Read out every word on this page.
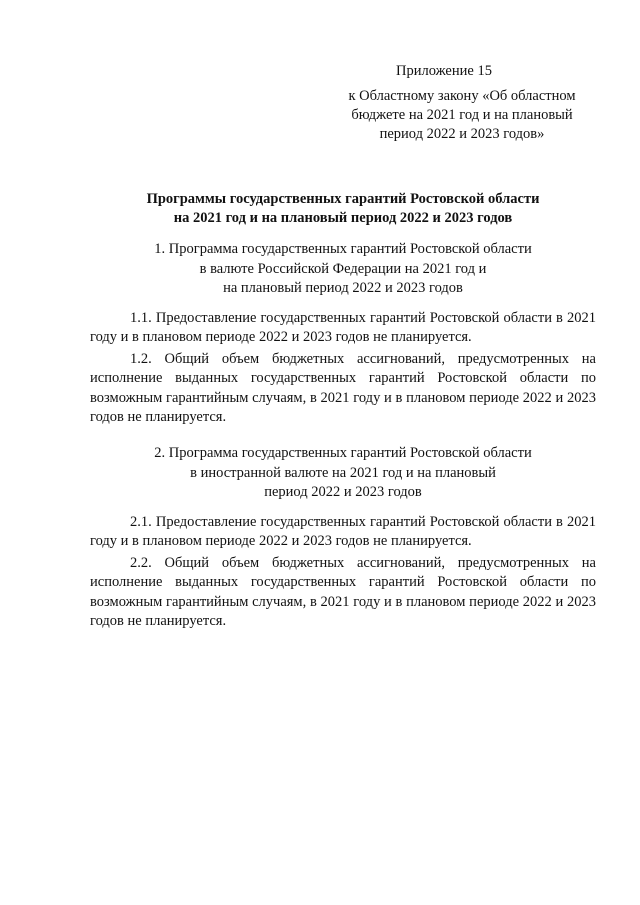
Приложение 15
к Областному закону «Об областном
бюджете на 2021 год и на плановый
период 2022 и 2023 годов»
Программы государственных гарантий Ростовской области
на 2021 год и на плановый период 2022 и 2023 годов
1. Программа государственных гарантий Ростовской области
в валюте Российской Федерации на 2021 год и
на плановый период 2022 и 2023 годов

1.1. Предоставление государственных гарантий Ростовской области в 2021 году и в плановом периоде 2022 и 2023 годов не планируется.

1.2. Общий объем бюджетных ассигнований, предусмотренных на исполнение выданных государственных гарантий Ростовской области по возможным гарантийным случаям, в 2021 году и в плановом периоде 2022 и 2023 годов не планируется.

2. Программа государственных гарантий Ростовской области
в иностранной валюте на 2021 год и на плановый
период 2022 и 2023 годов

2.1. Предоставление государственных гарантий Ростовской области в 2021 году и в плановом периоде 2022 и 2023 годов не планируется.

2.2. Общий объем бюджетных ассигнований, предусмотренных на исполнение выданных государственных гарантий Ростовской области по возможным гарантийным случаям, в 2021 году и в плановом периоде 2022 и 2023 годов не планируется.
